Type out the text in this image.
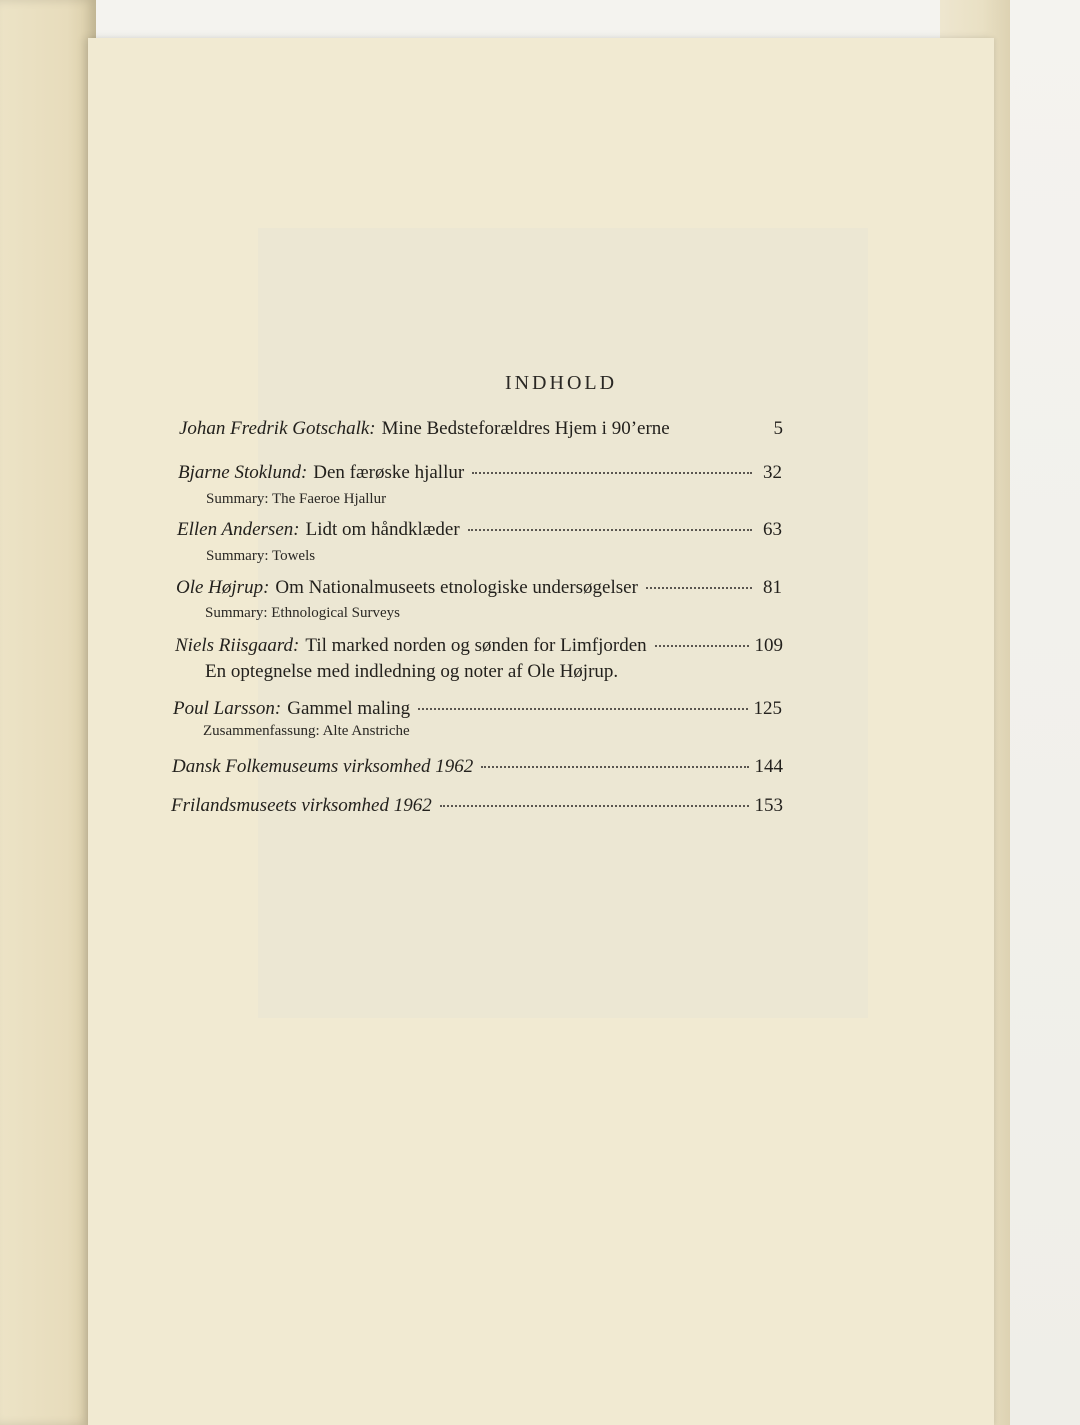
INDHOLD
Johan Fredrik Gotschalk: Mine Bedsteforældres Hjem i 90’erne	5
Bjarne Stoklund: Den færøske hjallur	32
Summary: The Faeroe Hjallur
Ellen Andersen: Lidt om håndklæder	63
Summary: Towels
Ole Højrup: Om Nationalmuseets etnologiske undersøgelser	81
Summary: Ethnological Surveys
Niels Riisgaard: Til marked norden og sønden for Limfjorden	109
En optegnelse med indledning og noter af Ole Højrup.
Poul Larsson: Gammel maling	125
Zusammenfassung: Alte Anstriche
Dansk Folkemuseums virksomhed 1962	144
Frilandsmuseets virksomhed 1962	153
